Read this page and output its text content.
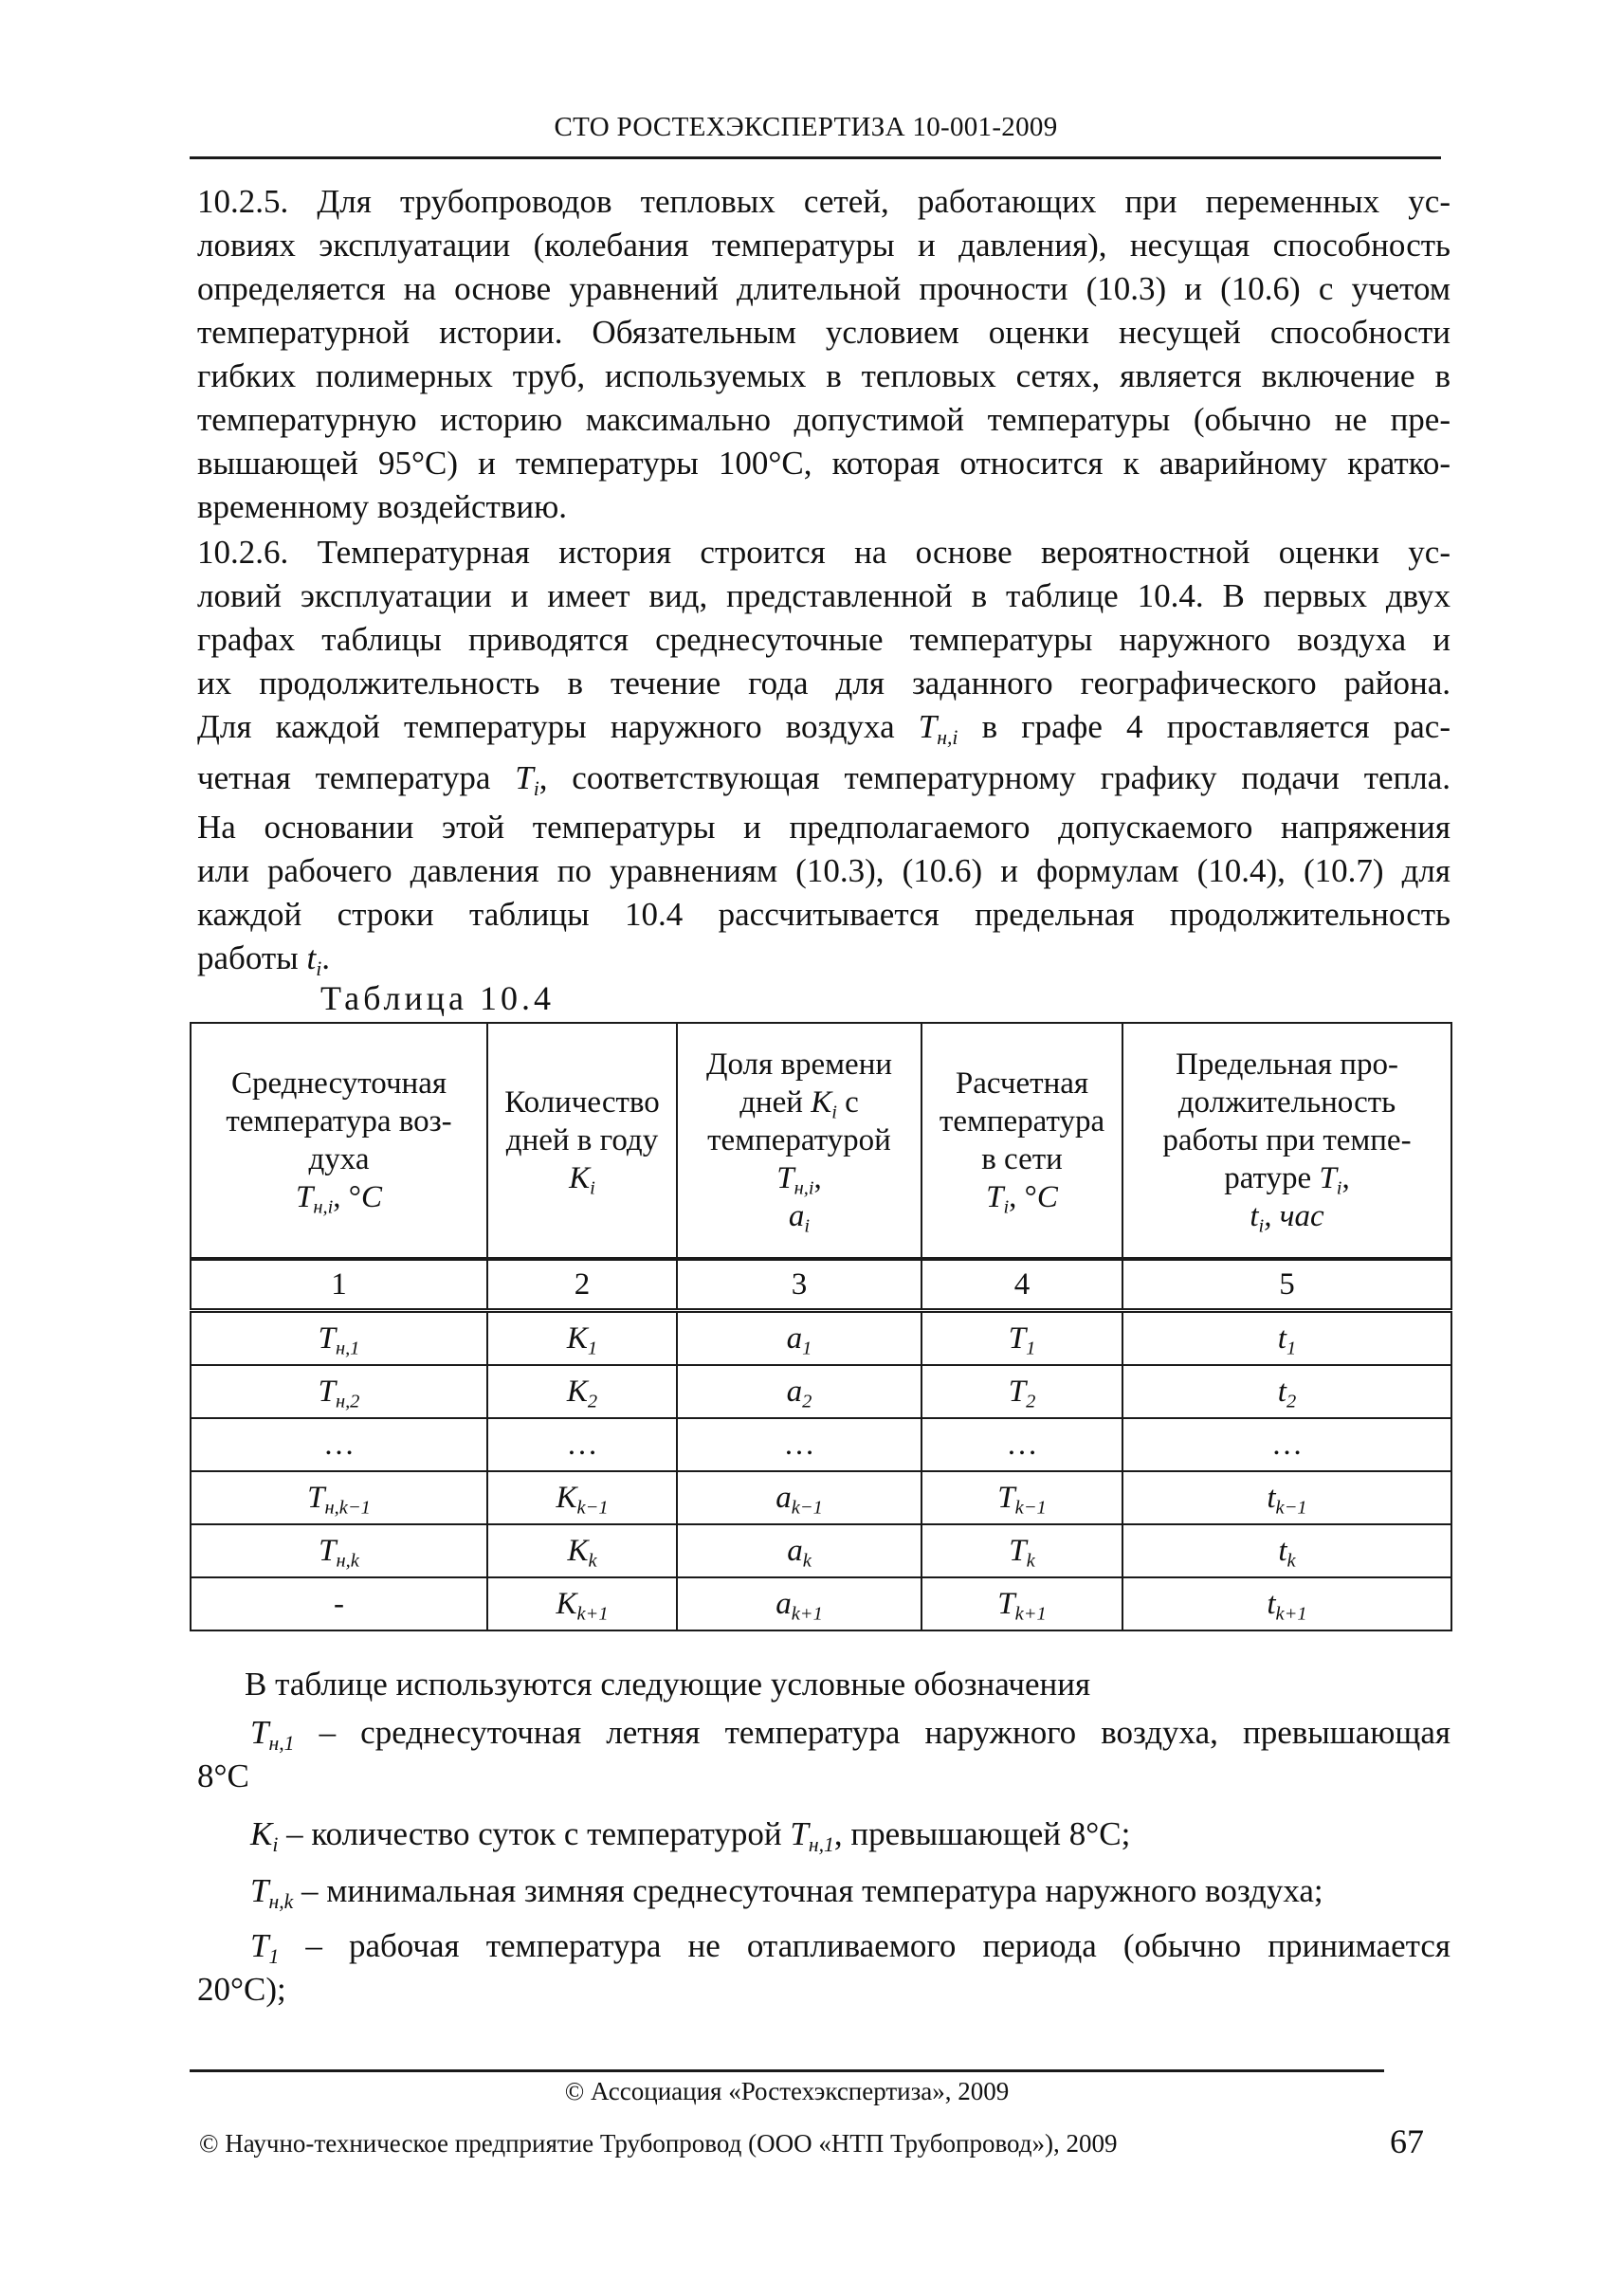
СТО РОСТЕХЭКСПЕРТИЗА 10-001-2009
10.2.5. Для трубопроводов тепловых сетей, работающих при переменных ус-
ловиях эксплуатации (колебания температуры и давления), несущая способность
определяется на основе уравнений длительной прочности (10.3) и (10.6) с учетом
температурной истории. Обязательным условием оценки несущей способности
гибких полимерных труб, используемых в тепловых сетях, является включение в
температурную историю максимально допустимой температуры (обычно не пре-
вышающей 95°С) и температуры 100°С, которая относится к аварийному кратко-
временному воздействию.
10.2.6. Температурная история строится на основе вероятностной оценки ус-
ловий эксплуатации и имеет вид, представленной в таблице 10.4. В первых двух
графах таблицы приводятся среднесуточные температуры наружного воздуха и
их продолжительность в течение года для заданного географического района.
Для каждой температуры наружного воздуха $T_{н,i}$ в графе 4 проставляется рас-
четная температура $T_i$, соответствующая температурному графику подачи тепла.
На основании этой температуры и предполагаемого допускаемого напряжения
или рабочего давления по уравнениям (10.3), (10.6) и формулам (10.4), (10.7) для
каждой строки таблицы 10.4 рассчитывается предельная продолжительность
работы $t_i$.
Таблица 10.4
Среднесуточная
температура воз-
духа
$T_{н,i}$, °C	Количество
дней в году
$K_i$	Доля времени
дней $K_i$ с
температурой
$T_{н,i}$,
$a_i$	Расчетная
температура
в сети
$T_i$, °C	Предельная про-
должительность
работы при темпе-
ратуре $T_i$,
$t_i$, час
1	2	3	4	5
$T_{н,1}$	$K_1$	$a_1$	$T_1$	$t_1$
$T_{н,2}$	$K_2$	$a_2$	$T_2$	$t_2$
…	…	…	…	…
$T_{н,k-1}$	$K_{k-1}$	$a_{k-1}$	$T_{k-1}$	$t_{k-1}$
$T_{н,k}$	$K_k$	$a_k$	$T_k$	$t_k$
-	$K_{k+1}$	$a_{k+1}$	$T_{k+1}$	$t_{k+1}$
В таблице используются следующие условные обозначения
$T_{н,1}$ – среднесуточная летняя температура наружного воздуха, превышающая
8°С
$K_i$ – количество суток с температурой $T_{н,1}$, превышающей 8°С;
$T_{н,k}$ – минимальная зимняя среднесуточная температура наружного воздуха;
$T_1$ – рабочая температура не отапливаемого периода (обычно принимается
20°С);
© Ассоциация «Ростехэкспертиза», 2009
© Научно-техническое предприятие Трубопровод (ООО «НТП Трубопровод»), 2009	67
